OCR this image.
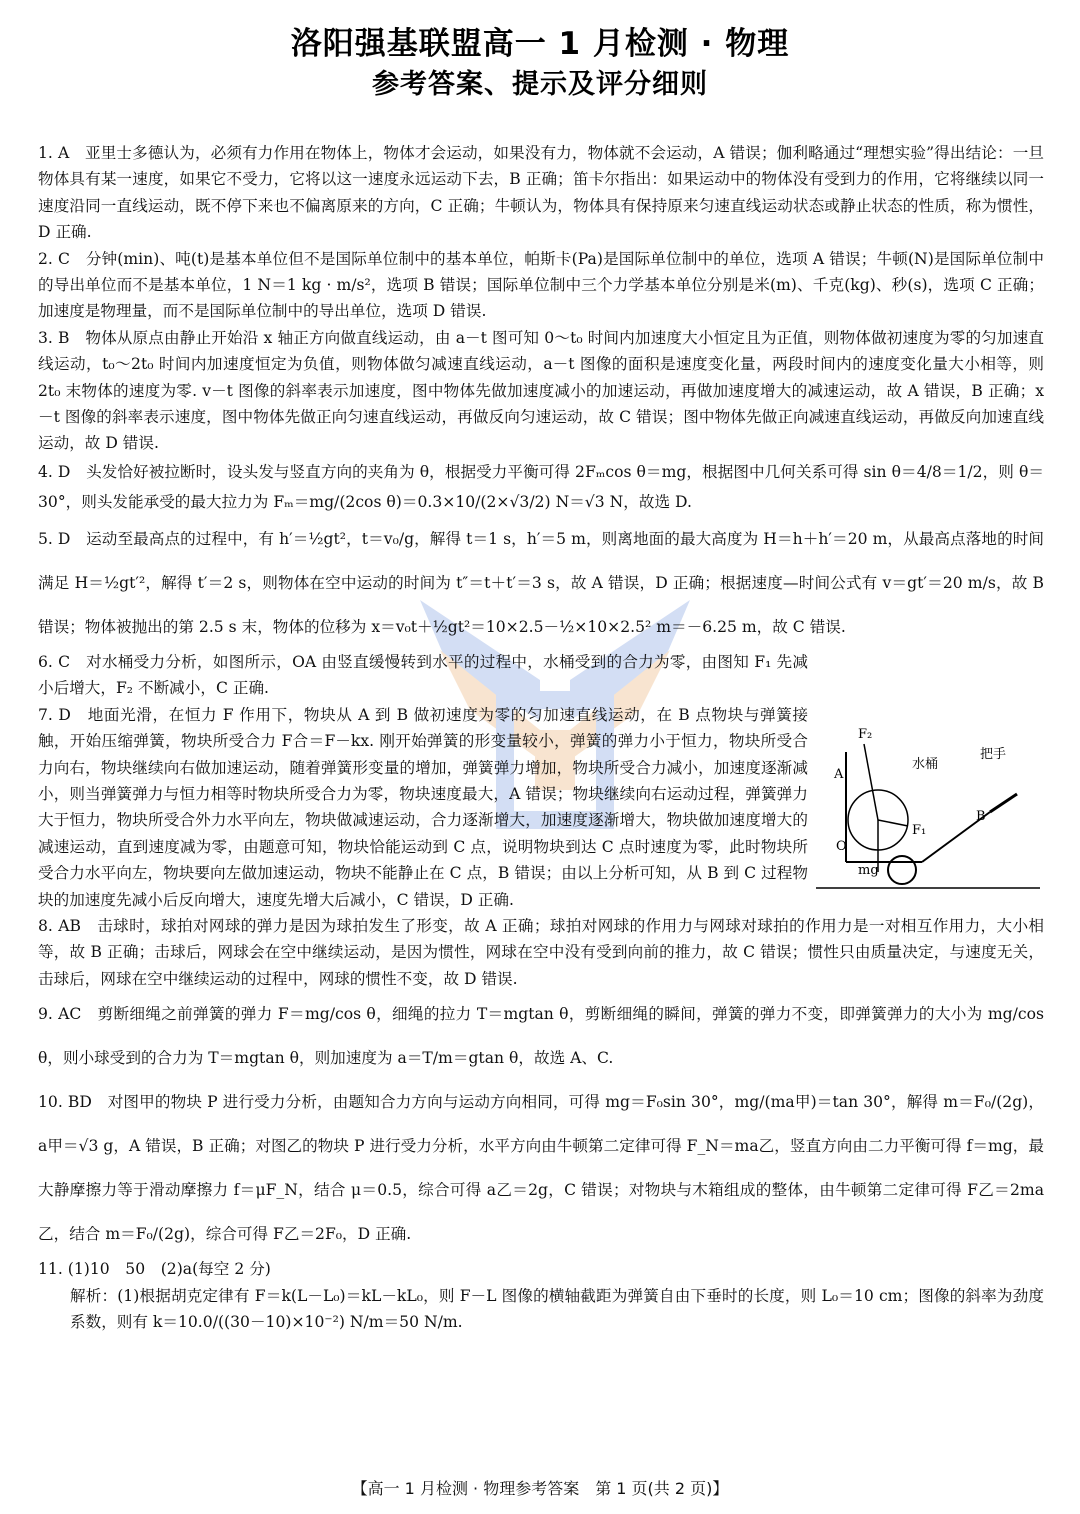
洛阳强基联盟高一 1 月检测 · 物理
参考答案、提示及评分细则

1. A　亚里士多德认为，必须有力作用在物体上，物体才会运动，如果没有力，物体就不会运动，A 错误；伽利略通过“理想实验”得出结论：一旦物体具有某一速度，如果它不受力，它将以这一速度永远运动下去，B 正确；笛卡尔指出：如果运动中的物体没有受到力的作用，它将继续以同一速度沿同一直线运动，既不停下来也不偏离原来的方向，C 正确；牛顿认为，物体具有保持原来匀速直线运动状态或静止状态的性质，称为惯性，D 正确.

2. C　分钟(min)、吨(t)是基本单位但不是国际单位制中的基本单位，帕斯卡(Pa)是国际单位制中的单位，选项 A 错误；牛顿(N)是国际单位制中的导出单位而不是基本单位，1 N＝1 kg · m/s²，选项 B 错误；国际单位制中三个力学基本单位分别是米(m)、千克(kg)、秒(s)，选项 C 正确；加速度是物理量，而不是国际单位制中的导出单位，选项 D 错误.

3. B　物体从原点由静止开始沿 x 轴正方向做直线运动，由 a－t 图可知 0～t₀ 时间内加速度大小恒定且为正值，则物体做初速度为零的匀加速直线运动，t₀～2t₀ 时间内加速度恒定为负值，则物体做匀减速直线运动，a－t 图像的面积是速度变化量，两段时间内的速度变化量大小相等，则 2t₀ 末物体的速度为零. v－t 图像的斜率表示加速度，图中物体先做加速度减小的加速运动，再做加速度增大的减速运动，故 A 错误，B 正确；x－t 图像的斜率表示速度，图中物体先做正向匀速直线运动，再做反向匀速运动，故 C 错误；图中物体先做正向减速直线运动，再做反向加速直线运动，故 D 错误.

4. D　头发恰好被拉断时，设头发与竖直方向的夹角为 θ，根据受力平衡可得 2Fₘcos θ＝mg，根据图中几何关系可得 sin θ＝4/8＝1/2，则 θ＝30°，则头发能承受的最大拉力为 Fₘ＝mg/(2cos θ)＝0.3×10/(2×√3/2) N＝√3 N，故选 D.

5. D　运动至最高点的过程中，有 h′＝½gt²，t＝v₀/g，解得 t＝1 s，h′＝5 m，则离地面的最大高度为 H＝h＋h′＝20 m，从最高点落地的时间满足 H＝½gt′²，解得 t′＝2 s，则物体在空中运动的时间为 t″＝t＋t′＝3 s，故 A 错误，D 正确；根据速度—时间公式有 v＝gt′＝20 m/s，故 B 错误；物体被抛出的第 2.5 s 末，物体的位移为 x＝v₀t＋½gt²＝10×2.5－½×10×2.5² m＝－6.25 m，故 C 错误.

6. C　对水桶受力分析，如图所示，OA 由竖直缓慢转到水平的过程中，水桶受到的合力为零，由图知 F₁ 先减小后增大，F₂ 不断减小，C 正确.

7. D　地面光滑，在恒力 F 作用下，物块从 A 到 B 做初速度为零的匀加速直线运动，在 B 点物块与弹簧接触，开始压缩弹簧，物块所受合力 F合＝F－kx. 刚开始弹簧的形变量较小，弹簧的弹力小于恒力，物块所受合力向右，物块继续向右做加速运动，随着弹簧形变量的增加，弹簧弹力增加，物块所受合力减小，加速度逐渐减小，则当弹簧弹力与恒力相等时物块所受合力为零，物块速度最大，A 错误；物块继续向右运动过程，弹簧弹力大于恒力，物块所受合外力水平向左，物块做减速运动，合力逐渐增大，加速度逐渐增大，物块做加速度增大的减速运动，直到速度减为零，由题意可知，物块恰能运动到 C 点，说明物块到达 C 点时速度为零，此时物块所受合力水平向左，物块要向左做加速运动，物块不能静止在 C 点，B 错误；由以上分析可知，从 B 到 C 过程物块的加速度先减小后反向增大，速度先增大后减小，C 错误，D 正确.

8. AB　击球时，球拍对网球的弹力是因为球拍发生了形变，故 A 正确；球拍对网球的作用力与网球对球拍的作用力是一对相互作用力，大小相等，故 B 正确；击球后，网球会在空中继续运动，是因为惯性，网球在空中没有受到向前的推力，故 C 错误；惯性只由质量决定，与速度无关，击球后，网球在空中继续运动的过程中，网球的惯性不变，故 D 错误.

9. AC　剪断细绳之前弹簧的弹力 F＝mg/cos θ，细绳的拉力 T＝mgtan θ，剪断细绳的瞬间，弹簧的弹力不变，即弹簧弹力的大小为 mg/cos θ，则小球受到的合力为 T＝mgtan θ，则加速度为 a＝T/m＝gtan θ，故选 A、C.

10. BD　对图甲的物块 P 进行受力分析，由题知合力方向与运动方向相同，可得 mg＝F₀sin 30°，mg/(ma甲)＝tan 30°，解得 m＝F₀/(2g)，a甲＝√3 g，A 错误，B 正确；对图乙的物块 P 进行受力分析，水平方向由牛顿第二定律可得 F_N＝ma乙，竖直方向由二力平衡可得 f＝mg，最大静摩擦力等于滑动摩擦力 f＝μF_N，结合 μ＝0.5，综合可得 a乙＝2g，C 错误；对物块与木箱组成的整体，由牛顿第二定律可得 F乙＝2ma乙，结合 m＝F₀/(2g)，综合可得 F乙＝2F₀，D 正确.

11. (1)10　50　(2)a(每空 2 分)

解析：(1)根据胡克定律有 F＝k(L－L₀)＝kL－kL₀，则 F－L 图像的横轴截距为弹簧自由下垂时的长度，则 L₀＝10 cm；图像的斜率为劲度系数，则有 k＝10.0/((30－10)×10⁻²) N/m＝50 N/m.

F₂
水桶
把手
A
B
O
F₁
mg
【高一 1 月检测 · 物理参考答案　第 1 页(共 2 页)】
